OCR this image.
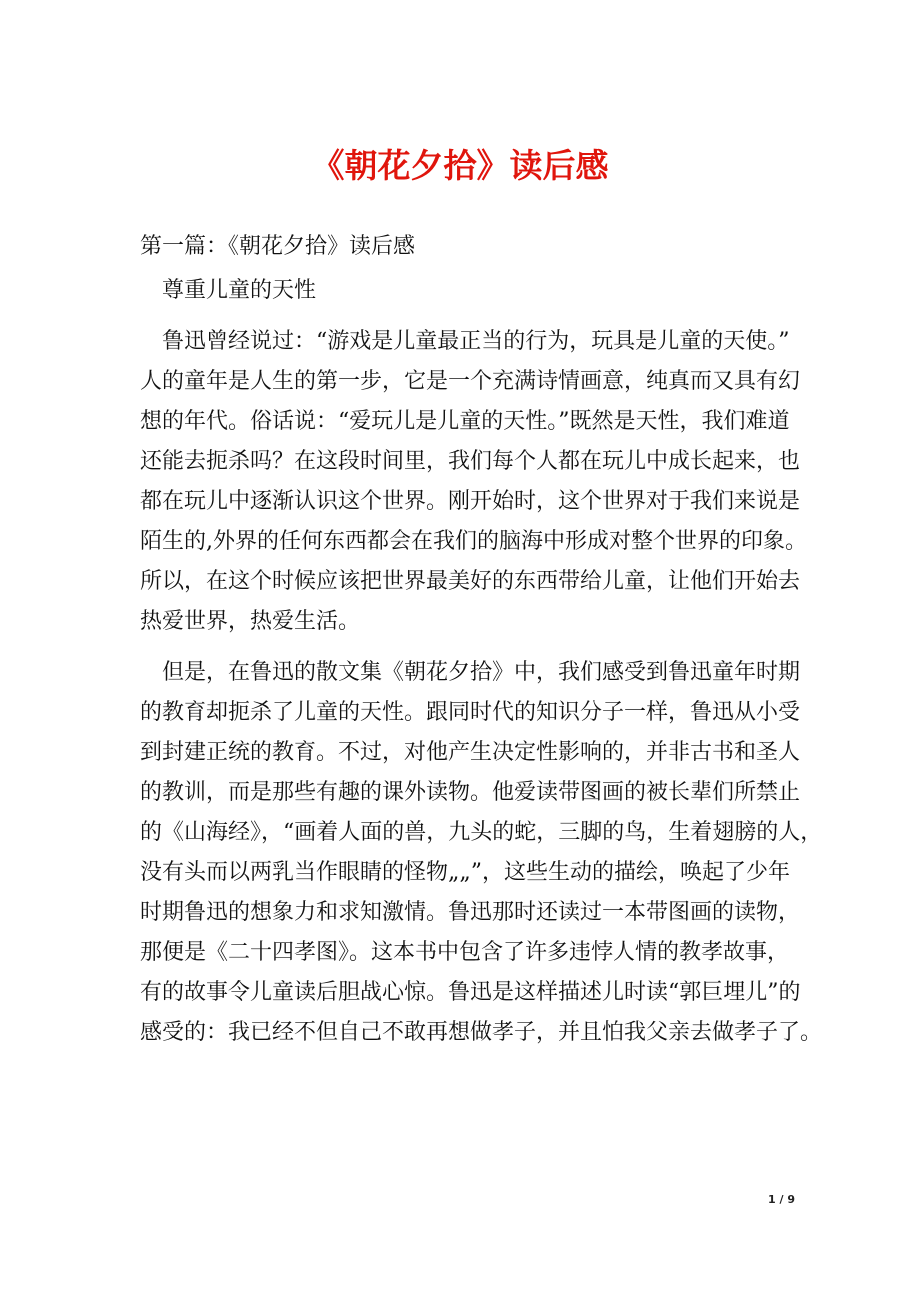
《朝花夕拾》读后感
第一篇：《朝花夕拾》读后感
尊重儿童的天性
鲁迅曾经说过：“游戏是儿童最正当的行为，玩具是儿童的天使。”
人的童年是人生的第一步，它是一个充满诗情画意，纯真而又具有幻
想的年代。俗话说：“爱玩儿是儿童的天性。”既然是天性，我们难道
还能去扼杀吗？在这段时间里，我们每个人都在玩儿中成长起来，也
都在玩儿中逐渐认识这个世界。刚开始时，这个世界对于我们来说是
陌生的,外界的任何东西都会在我们的脑海中形成对整个世界的印象。
所以，在这个时候应该把世界最美好的东西带给儿童，让他们开始去
热爱世界，热爱生活。
但是，在鲁迅的散文集《朝花夕拾》中，我们感受到鲁迅童年时期
的教育却扼杀了儿童的天性。跟同时代的知识分子一样，鲁迅从小受
到封建正统的教育。不过，对他产生决定性影响的，并非古书和圣人
的教训，而是那些有趣的课外读物。他爱读带图画的被长辈们所禁止
的《山海经》，“画着人面的兽，九头的蛇，三脚的鸟，生着翅膀的人，
没有头而以两乳当作眼睛的怪物„„”，这些生动的描绘，唤起了少年
时期鲁迅的想象力和求知激情。鲁迅那时还读过一本带图画的读物，
那便是《二十四孝图》。这本书中包含了许多违悖人情的教孝故事，
有的故事令儿童读后胆战心惊。鲁迅是这样描述儿时读“郭巨埋儿”的
感受的：我已经不但自己不敢再想做孝子，并且怕我父亲去做孝子了。
1 / 9
